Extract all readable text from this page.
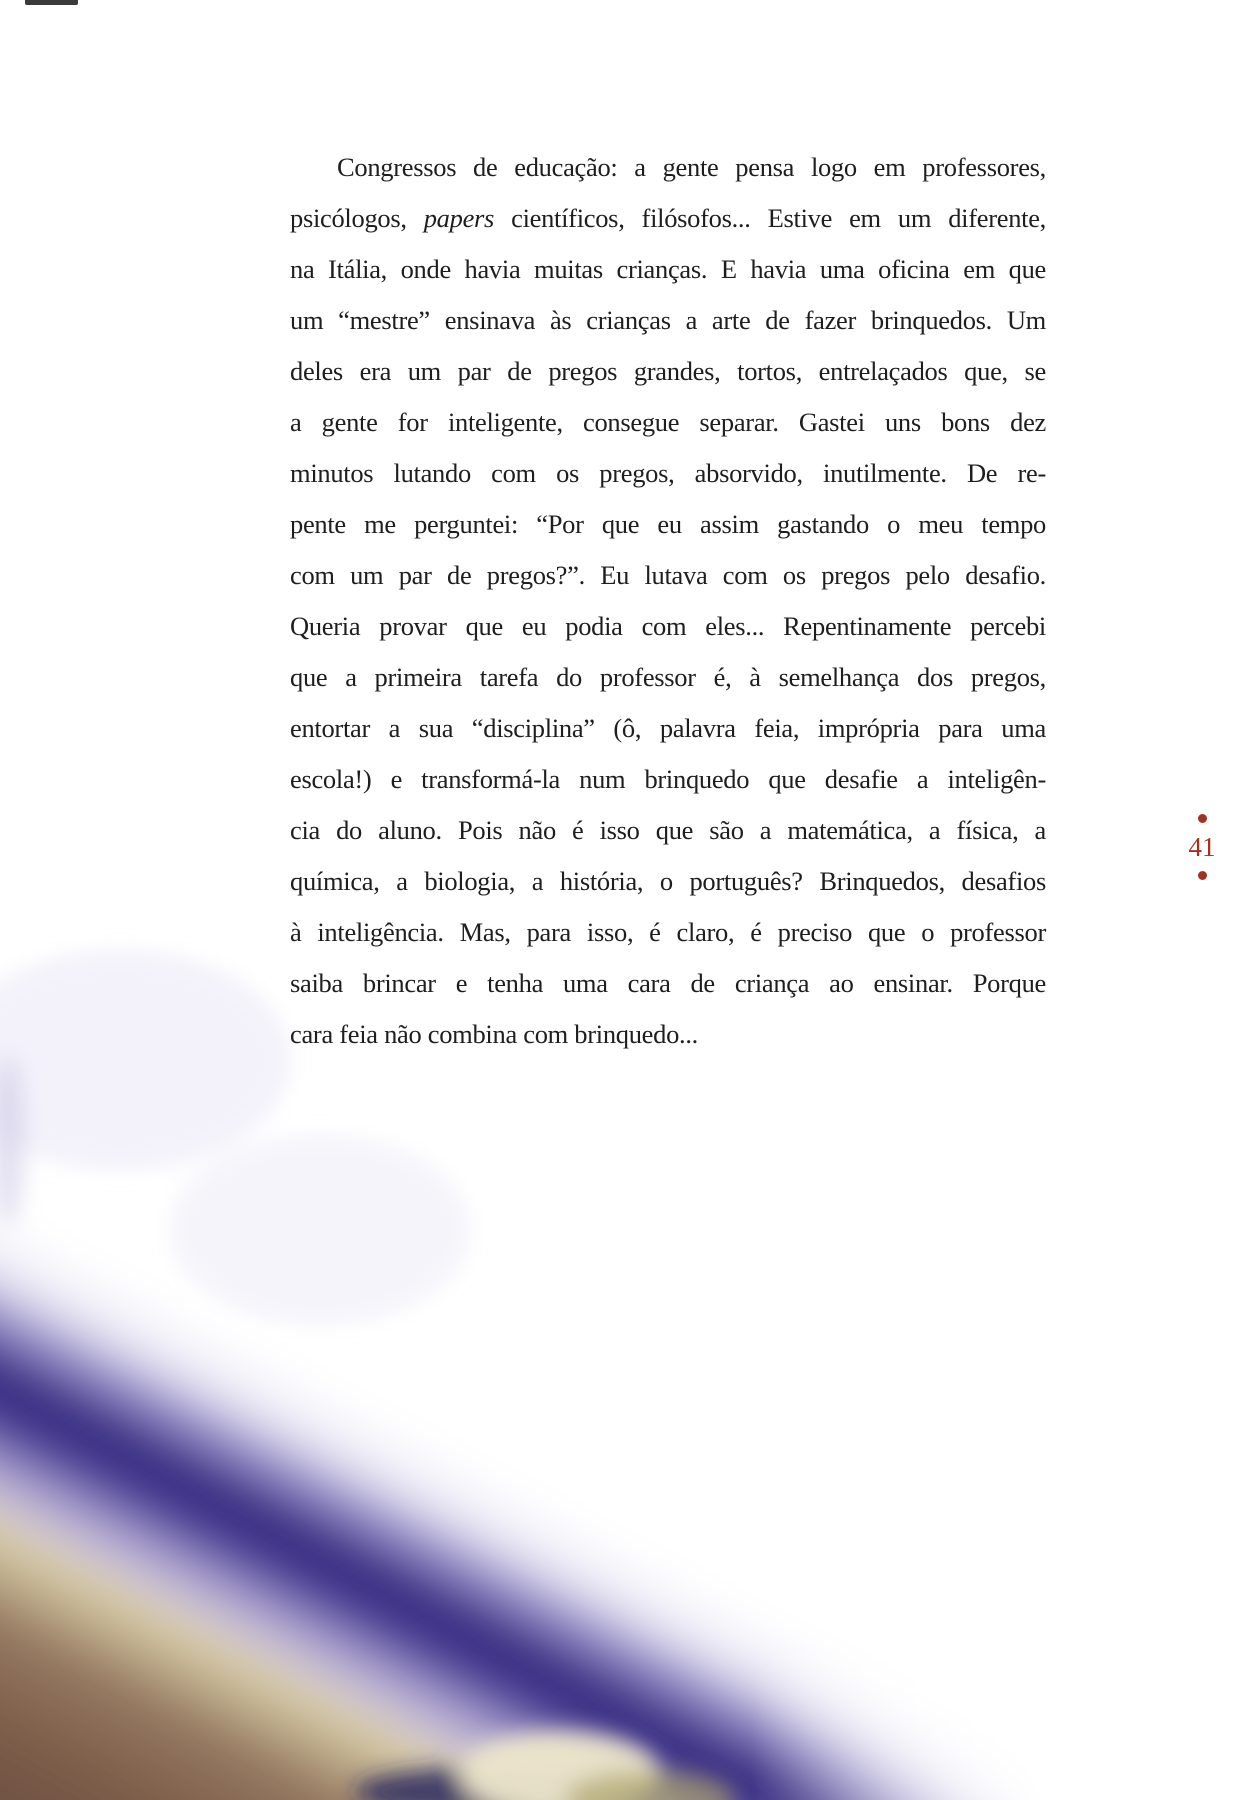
Congressos de educação: a gente pensa logo em professores,
psicólogos, papers científicos, filósofos... Estive em um diferente,
na Itália, onde havia muitas crianças. E havia uma oficina em que
um “mestre” ensinava às crianças a arte de fazer brinquedos. Um
deles era um par de pregos grandes, tortos, entrelaçados que, se
a gente for inteligente, consegue separar. Gastei uns bons dez
minutos lutando com os pregos, absorvido, inutilmente. De re-
pente me perguntei: “Por que eu assim gastando o meu tempo
com um par de pregos?”. Eu lutava com os pregos pelo desafio.
Queria provar que eu podia com eles... Repentinamente percebi
que a primeira tarefa do professor é, à semelhança dos pregos,
entortar a sua “disciplina” (ô, palavra feia, imprópria para uma
escola!) e transformá-la num brinquedo que desafie a inteligên-
cia do aluno. Pois não é isso que são a matemática, a física, a
química, a biologia, a história, o português? Brinquedos, desafios
à inteligência. Mas, para isso, é claro, é preciso que o professor
saiba brincar e tenha uma cara de criança ao ensinar. Porque
cara feia não combina com brinquedo...
41
